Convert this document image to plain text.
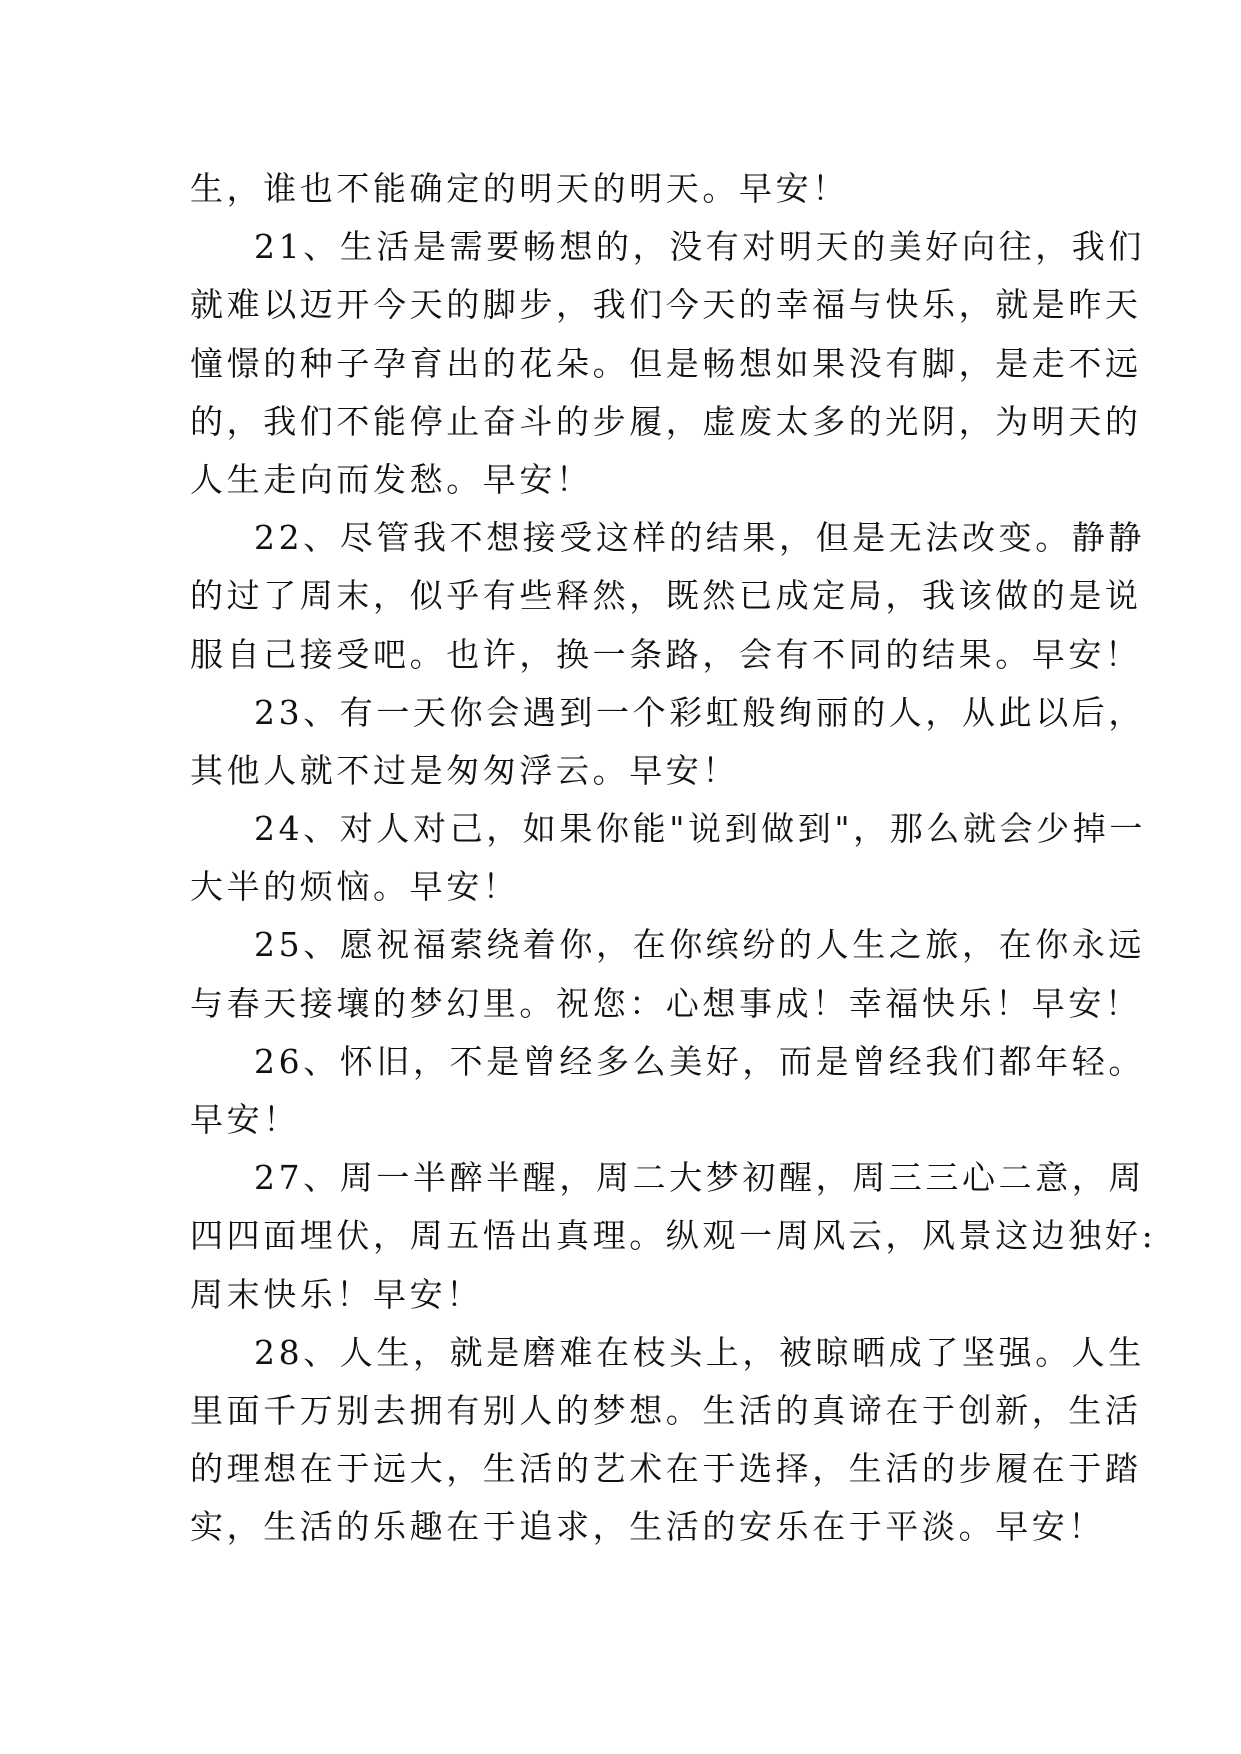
生，谁也不能确定的明天的明天。早安！
21、生活是需要畅想的，没有对明天的美好向往，我们
就难以迈开今天的脚步，我们今天的幸福与快乐，就是昨天
憧憬的种子孕育出的花朵。但是畅想如果没有脚，是走不远
的，我们不能停止奋斗的步履，虚废太多的光阴，为明天的
人生走向而发愁。早安！
22、尽管我不想接受这样的结果，但是无法改变。静静
的过了周末，似乎有些释然，既然已成定局，我该做的是说
服自己接受吧。也许，换一条路，会有不同的结果。早安！
23、有一天你会遇到一个彩虹般绚丽的人，从此以后，
其他人就不过是匆匆浮云。早安！
24、对人对己，如果你能"说到做到"，那么就会少掉一
大半的烦恼。早安！
25、愿祝福萦绕着你，在你缤纷的人生之旅，在你永远
与春天接壤的梦幻里。祝您：心想事成！幸福快乐！早安！
26、怀旧，不是曾经多么美好，而是曾经我们都年轻。
早安！
27、周一半醉半醒，周二大梦初醒，周三三心二意，周
四四面埋伏，周五悟出真理。纵观一周风云，风景这边独好:
周末快乐！早安！
28、人生，就是磨难在枝头上，被晾晒成了坚强。人生
里面千万别去拥有别人的梦想。生活的真谛在于创新，生活
的理想在于远大，生活的艺术在于选择，生活的步履在于踏
实，生活的乐趣在于追求，生活的安乐在于平淡。早安！
